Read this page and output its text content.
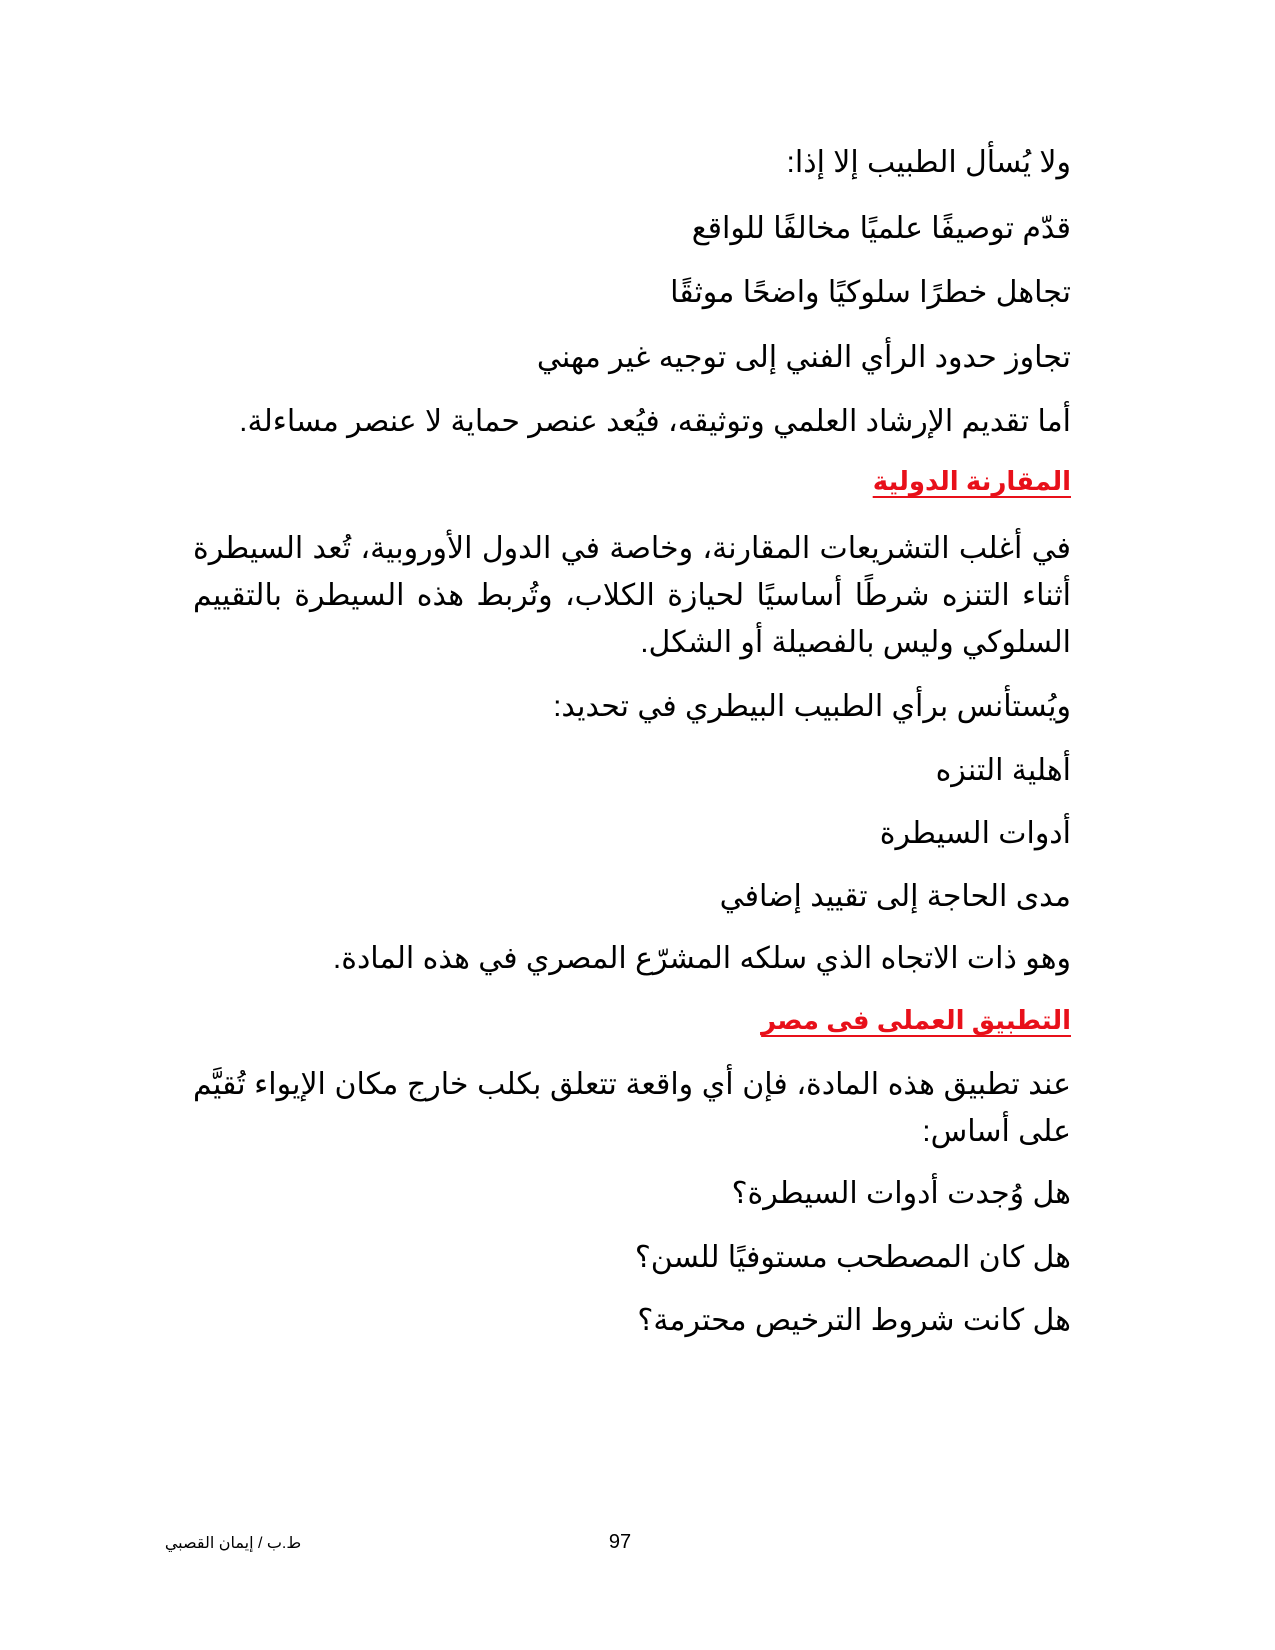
ولا يُسأل الطبيب إلا إذا:
قدّم توصيفًا علميًا مخالفًا للواقع
تجاهل خطرًا سلوكيًا واضحًا موثقًا
تجاوز حدود الرأي الفني إلى توجيه غير مهني
أما تقديم الإرشاد العلمي وتوثيقه، فيُعد عنصر حماية لا عنصر مساءلة.
المقارنة الدولية
في أغلب التشريعات المقارنة، وخاصة في الدول الأوروبية، تُعد السيطرة أثناء التنزه شرطًا أساسيًا لحيازة الكلاب، وتُربط هذه السيطرة بالتقييم السلوكي وليس بالفصيلة أو الشكل.
ويُستأنس برأي الطبيب البيطري في تحديد:
أهلية التنزه
أدوات السيطرة
مدى الحاجة إلى تقييد إضافي
وهو ذات الاتجاه الذي سلكه المشرّع المصري في هذه المادة.
التطبيق العملى فى مصر
عند تطبيق هذه المادة، فإن أي واقعة تتعلق بكلب خارج مكان الإيواء تُقيَّم على أساس:
هل وُجدت أدوات السيطرة؟
هل كان المصطحب مستوفيًا للسن؟
هل كانت شروط الترخيص محترمة؟
97
ط.ب / إيمان القصبي
